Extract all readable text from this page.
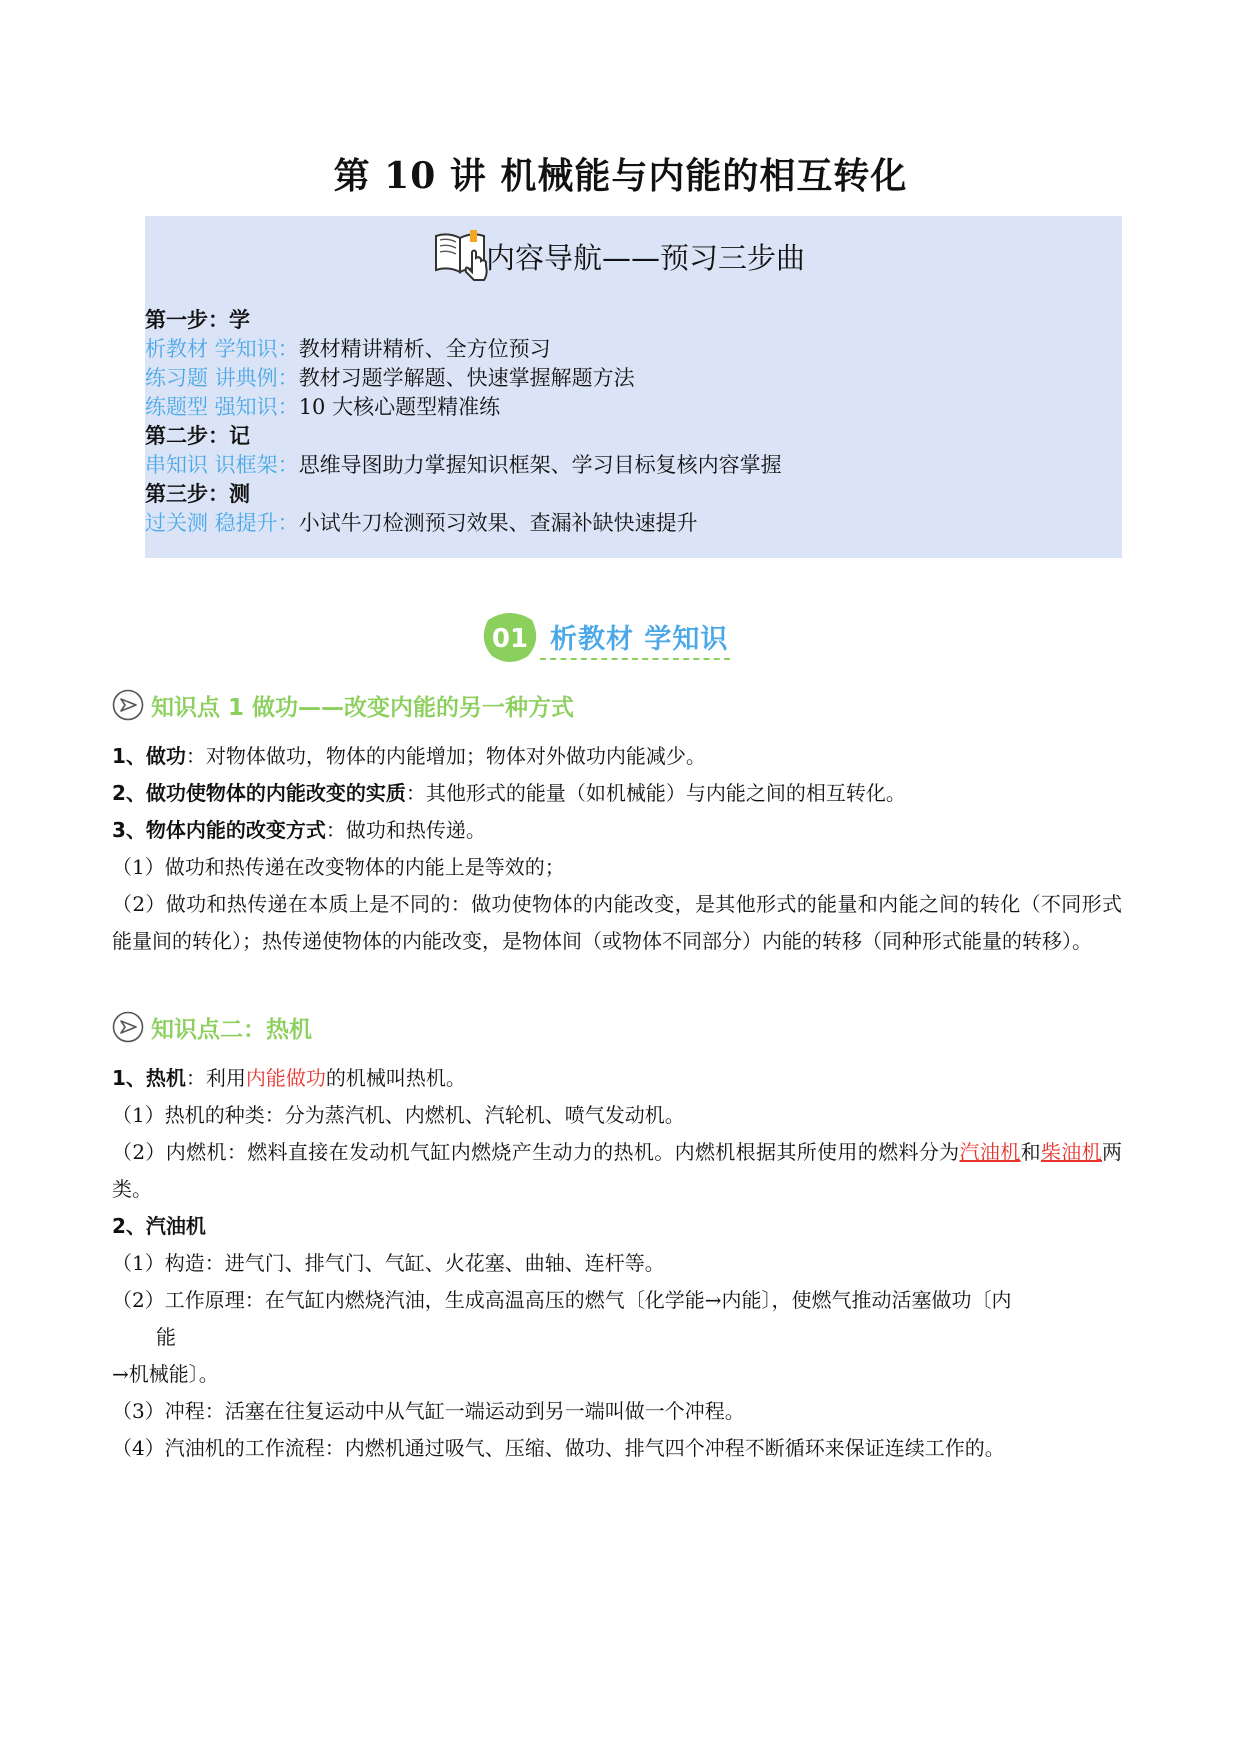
第 10 讲 机械能与内能的相互转化
内容导航——预习三步曲
第一步：学
析教材 学知识：教材精讲精析、全方位预习
练习题 讲典例：教材习题学解题、快速掌握解题方法
练题型 强知识：10 大核心题型精准练
第二步：记
串知识 识框架：思维导图助力掌握知识框架、学习目标复核内容掌握
第三步：测
过关测 稳提升：小试牛刀检测预习效果、查漏补缺快速提升
01 析教材 学知识
知识点 1 做功——改变内能的另一种方式

1、做功：对物体做功，物体的内能增加；物体对外做功内能减少。

2、做功使物体的内能改变的实质：其他形式的能量（如机械能）与内能之间的相互转化。

3、物体内能的改变方式：做功和热传递。

（1）做功和热传递在改变物体的内能上是等效的；

（2）做功和热传递在本质上是不同的：做功使物体的内能改变，是其他形式的能量和内能之间的转化（不同形式能量间的转化）；热传递使物体的内能改变，是物体间（或物体不同部分）内能的转移（同种形式能量的转移）。

知识点二：热机

1、热机：利用内能做功的机械叫热机。

（1）热机的种类：分为蒸汽机、内燃机、汽轮机、喷气发动机。

（2）内燃机：燃料直接在发动机气缸内燃烧产生动力的热机。内燃机根据其所使用的燃料分为汽油机和柴油机两类。

2、汽油机

（1）构造：进气门、排气门、气缸、火花塞、曲轴、连杆等。

（2）工作原理：在气缸内燃烧汽油，生成高温高压的燃气〔化学能→内能〕，使燃气推动活塞做功〔内

能

→机械能〕。

（3）冲程：活塞在往复运动中从气缸一端运动到另一端叫做一个冲程。

（4）汽油机的工作流程：内燃机通过吸气、压缩、做功、排气四个冲程不断循环来保证连续工作的。
